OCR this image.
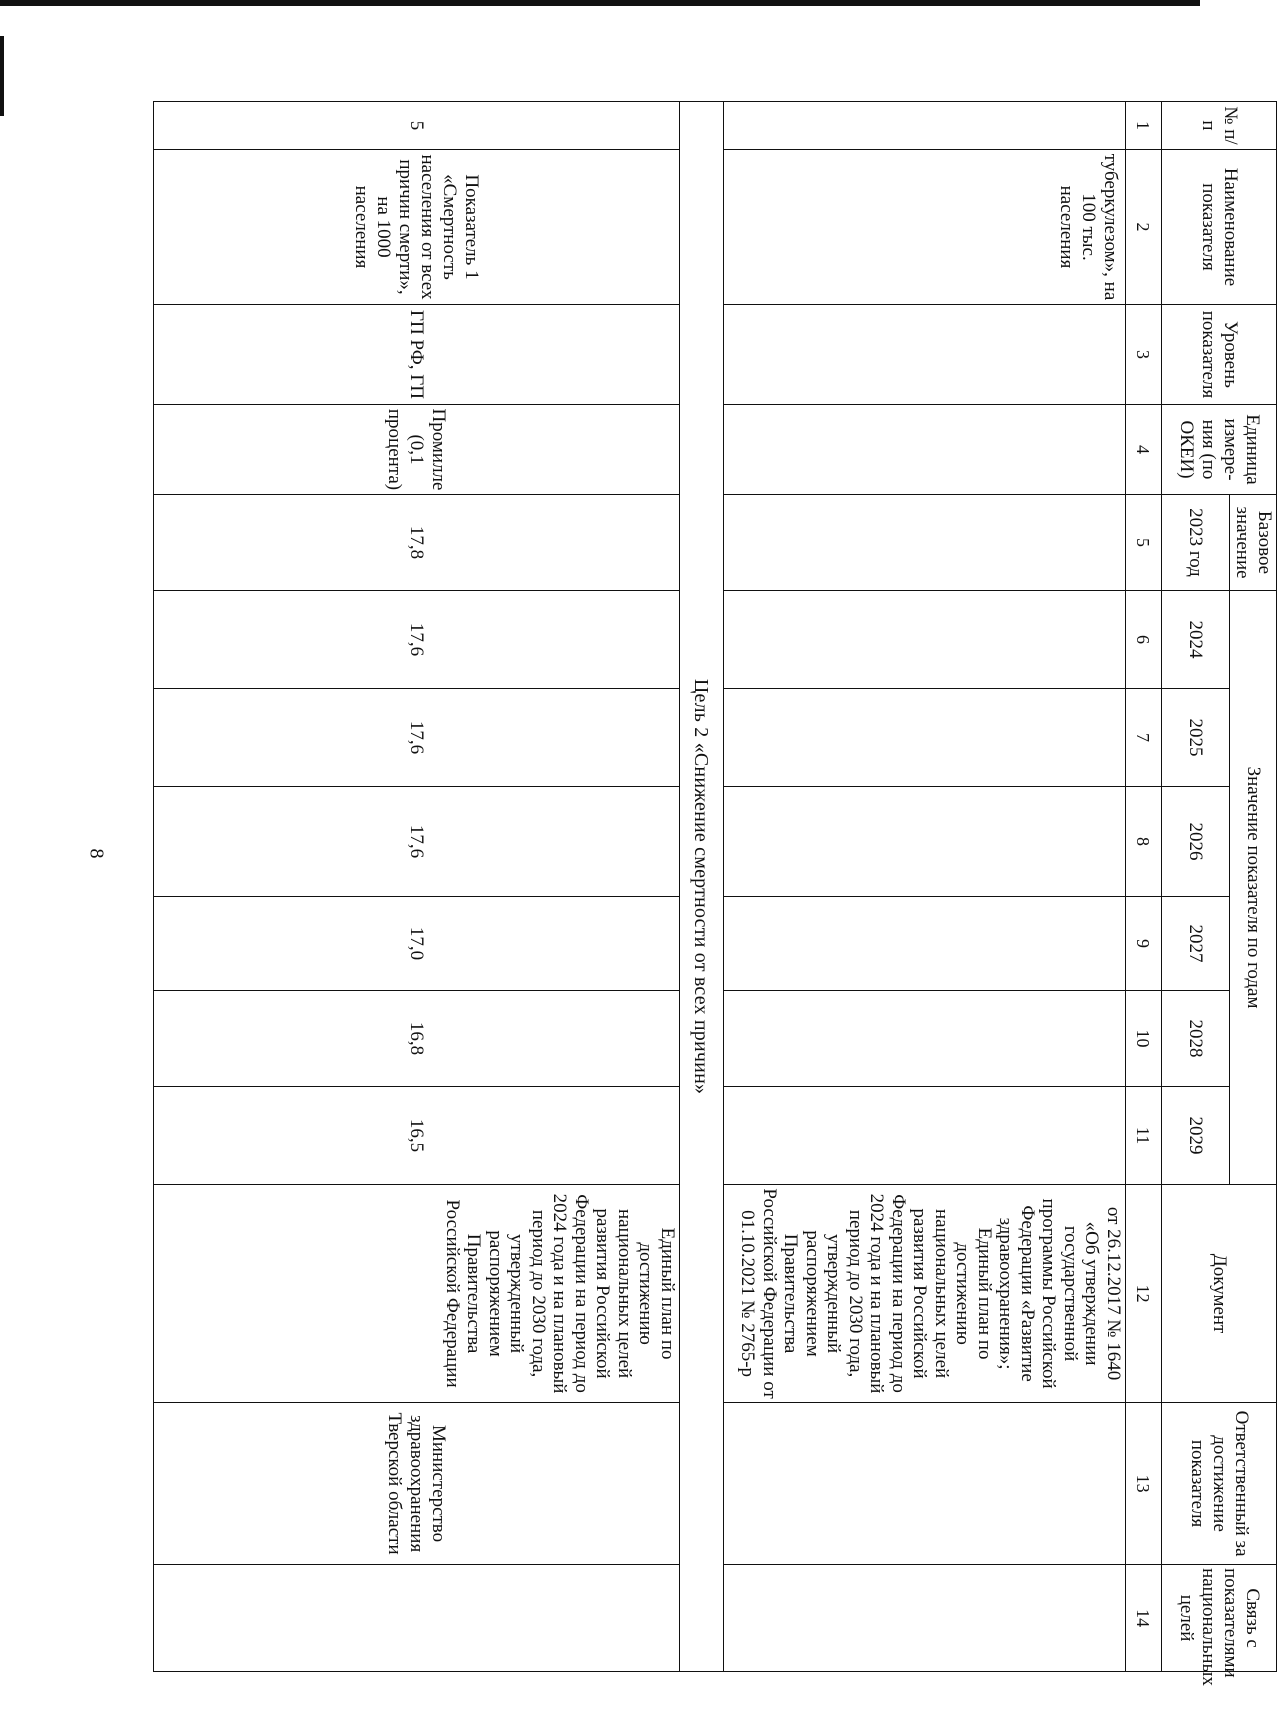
8
№ п/п	Наименование показателя	Уровень показателя	Единица измере-ния (по ОКЕИ)	Базовое значение	Значение показателя по годам						Документ	Ответственный за достижение показателя	Связь с показателями национальных целей
				2023 год	2024	2025	2026	2027	2028	2029			
1	2	3	4	5	6	7	8	9	10	11	12	13	14
	туберкулезом», на 100 тыс. населения										от 26.12.2017 № 1640 «Об утверждении государственной программы Российской Федерации «Развитие здравоохранения»; Единый план по достижению национальных целей развития Российской Федерации на период до 2024 года и на плановый период до 2030 года, утвержденный распоряжением Правительства Российской Федерации от 01.10.2021 № 2765-р		
Цель 2 «Снижение смертности от всех причин»													
5	Показатель 1 «Смертность населения от всех причин смерти», на 1000 населения	ГП РФ, ГП	Промилле (0,1 процента)	17,8	17,6	17,6	17,6	17,0	16,8	16,5	Единый план по достижению национальных целей развития Российской Федерации на период до 2024 года и на плановый период до 2030 года, утвержденный распоряжением Правительства Российской Федерации	Министерство здравоохранения Тверской области	
